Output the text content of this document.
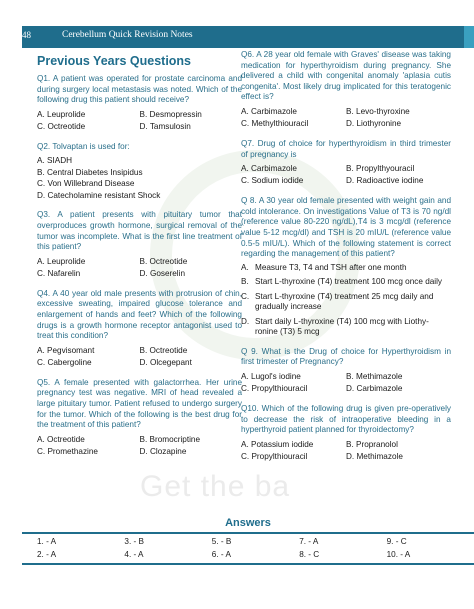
Cerebellum Quick Revision Notes
48
Get the ba
Previous Years Questions
Q1. A patient was operated for prostate carcinoma and during surgery local metastasis was noted. Which of the following drug this patient should receive?
A. Leuprolide	B. Desmopressin
C. Octreotide	D. Tamsulosin
Q2. Tolvaptan is used for:
A. SIADH
B. Central Diabetes Insipidus
C. Von Willebrand Disease
D. Catecholamine resistant Shock
Q3. A patient presents with pituitary tumor that overproduces growth hormone, surgical removal of the tumor was incomplete. What is the first line treatment of this patient?
A. Leuprolide	B. Octreotide
C. Nafarelin	D. Goserelin
Q4. A 40 year old male presents with protrusion of chin, excessive sweating, impaired glucose tolerance and enlargement of hands and feet? Which of the following drugs is a growth hormone receptor antagonist used to treat this condition?
A. Pegvisomant	B. Octreotide
C. Cabergoline	D. Olcegepant
Q5. A female presented with galactorrhea. Her urine pregnancy test was negative. MRI of head revealed a large pituitary tumor. Patient refused to undergo surgery for the tumor. Which of the following is the best drug for the treatment of this patient?
A. Octreotide	B. Bromocriptine
C. Promethazine	D. Clozapine
Q6. A 28 year old female with Graves' disease was taking medication for hyperthyroidism during pregnancy. She delivered a child with congenital anomaly 'aplasia cutis congenita'. Most likely drug implicated for this teratogenic effect is?
A. Carbimazole	B. Levo-thyroxine
C. Methylthiouracil	D. Liothyronine
Q7. Drug of choice for hyperthyroidism in third trimester of pregnancy is
A. Carbimazole	B. Propylthyouracil
C. Sodium iodide	D. Radioactive iodine
Q 8. A 30 year old female presented with weight gain and cold intolerance. On investigations Value of T3 is 70 ng/dl (reference value 80-220 ng/dL),T4 is 3 mcg/dl (reference value 5-12 mcg/dl) and TSH is 20 mIU/L (reference value 0.5-5 mIU/L). Which of the following statement is correct regarding the management of this patient?
A. Measure T3, T4 and TSH after one month
B. Start L-thyroxine (T4) treatment 100 mcg once daily
C. Start L-thyroxine (T4) treatment 25 mcg daily and gradually increase
D. Start daily L-thyroxine (T4) 100 mcg with Liothy-ronine (T3) 5 mcg
Q 9. What is the Drug of choice for Hyperthyroidism in first trimester of Pregnancy?
A. Lugol's iodine	B. Methimazole
C. Propylthiouracil	D. Carbimazole
Q10. Which of the following drug is given pre-operatively to decrease the risk of intraoperative bleeding in a hyperthyroid patient planned for thyroidectomy?
A. Potassium iodide	B. Propranolol
C. Propylthiouracil	D. Methimazole
Answers
1. - A	3. - B	5. - B	7. - A	9. - C
2. - A	4. - A	6. - A	8. - C	10. - A
